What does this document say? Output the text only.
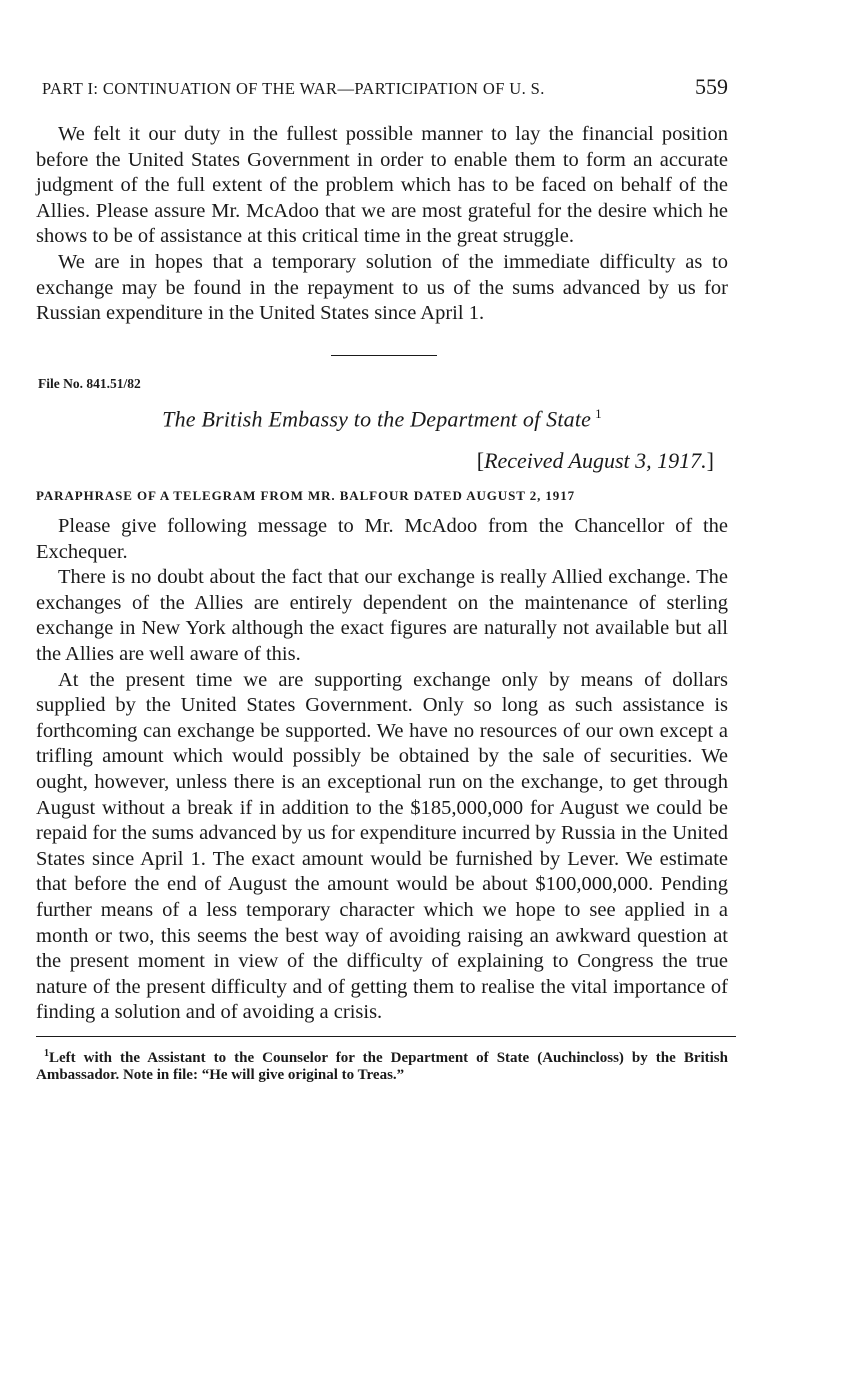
PART I: CONTINUATION OF THE WAR—PARTICIPATION OF U. S.	559

We felt it our duty in the fullest possible manner to lay the financial position before the United States Government in order to enable them to form an accurate judgment of the full extent of the problem which has to be faced on behalf of the Allies. Please assure Mr. McAdoo that we are most grateful for the desire which he shows to be of assistance at this critical time in the great struggle.

We are in hopes that a temporary solution of the immediate difficulty as to exchange may be found in the repayment to us of the sums advanced by us for Russian expenditure in the United States since April 1.

File No. 841.51/82
The British Embassy to the Department of State $^1$
[Received August 3, 1917.]
PARAPHRASE OF A TELEGRAM FROM MR. BALFOUR DATED AUGUST 2, 1917

Please give following message to Mr. McAdoo from the Chancellor of the Exchequer.

There is no doubt about the fact that our exchange is really Allied exchange. The exchanges of the Allies are entirely dependent on the maintenance of sterling exchange in New York although the exact figures are naturally not available but all the Allies are well aware of this.

At the present time we are supporting exchange only by means of dollars supplied by the United States Government. Only so long as such assistance is forthcoming can exchange be supported. We have no resources of our own except a trifling amount which would possibly be obtained by the sale of securities. We ought, however, unless there is an exceptional run on the exchange, to get through August without a break if in addition to the $185,000,000 for August we could be repaid for the sums advanced by us for expenditure incurred by Russia in the United States since April 1. The exact amount would be furnished by Lever. We estimate that before the end of August the amount would be about $100,000,000. Pending further means of a less temporary character which we hope to see applied in a month or two, this seems the best way of avoiding raising an awkward question at the present moment in view of the difficulty of explaining to Congress the true nature of the present difficulty and of getting them to realise the vital importance of finding a solution and of avoiding a crisis.

$^1$Left with the Assistant to the Counselor for the Department of State (Auchincloss) by the British Ambassador. Note in file: “He will give original to Treas.”
